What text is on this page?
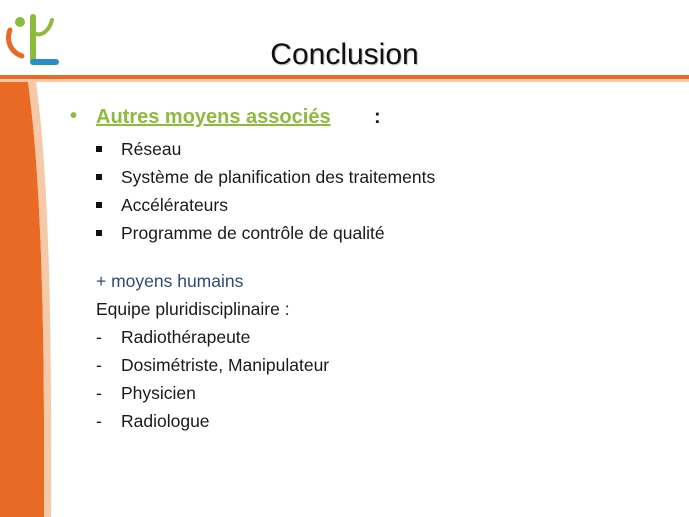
Conclusion
• Autres moyens associés :
Réseau
Système de planification des traitements
Accélérateurs
Programme de contrôle de qualité
+ moyens humains
Equipe pluridisciplinaire :
- Radiothérapeute
- Dosimétriste, Manipulateur
- Physicien
- Radiologue
